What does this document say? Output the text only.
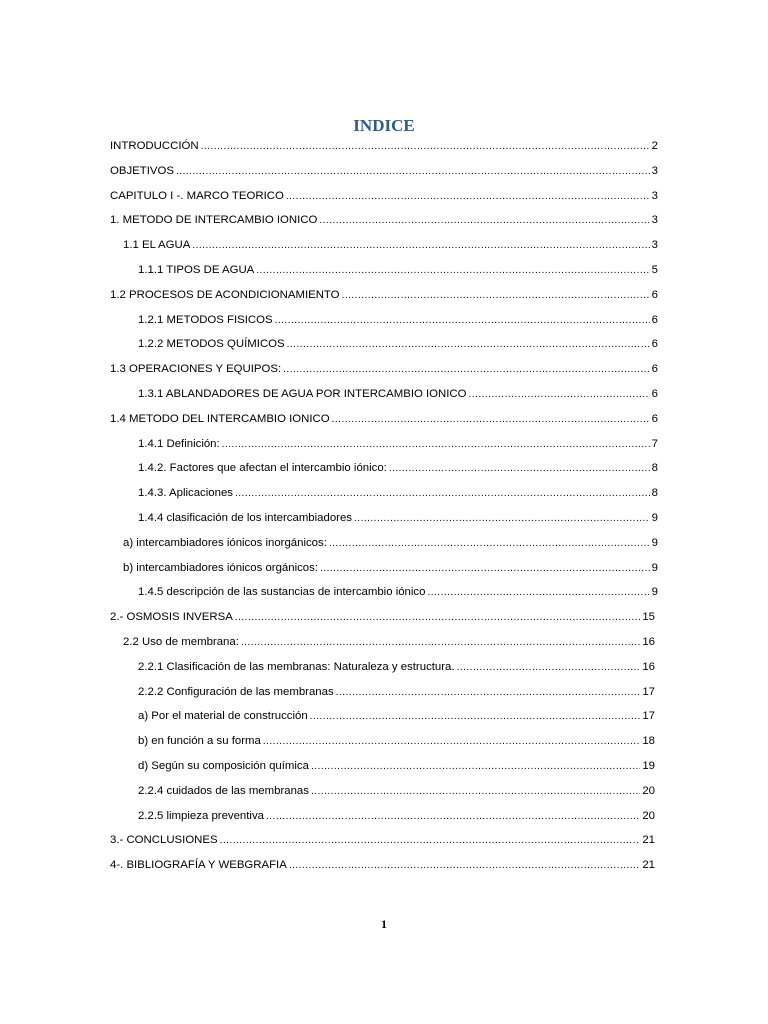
INDICE
INTRODUCCIÓN .....	2
OBJETIVOS .....	3
CAPITULO I -. MARCO TEORICO .....	3
1. METODO DE INTERCAMBIO IONICO .....	3
1.1 EL AGUA .....	3
1.1.1 TIPOS DE AGUA .....	5
1.2 PROCESOS DE ACONDICIONAMIENTO .....	6
1.2.1 METODOS FISICOS .....	6
1.2.2 METODOS QUÍMICOS .....	6
1.3 OPERACIONES Y EQUIPOS: .....	6
1.3.1 ABLANDADORES DE AGUA POR INTERCAMBIO IONICO .....	6
1.4 METODO DEL INTERCAMBIO IONICO .....	6
1.4.1 Definición: .....	7
1.4.2. Factores que afectan el intercambio iónico: .....	8
1.4.3. Aplicaciones .....	8
1.4.4 clasificación de los intercambiadores .....	9
a) intercambiadores iónicos inorgánicos: .....	9
b) intercambiadores iónicos orgánicos: .....	9
1.4.5 descripción de las sustancias de intercambio iónico .....	9
2.- OSMOSIS INVERSA .....	15
2.2 Uso de membrana: .....	16
2.2.1 Clasificación de las membranas: Naturaleza y estructura. .....	16
2.2.2 Configuración de las membranas .....	17
a) Por el material de construcción .....	17
b) en función a su forma .....	18
d) Según su composición química .....	19
2.2.4 cuidados de las membranas .....	20
2.2.5 limpieza preventiva .....	20
3.- CONCLUSIONES .....	21
4-. BIBLIOGRAFÍA Y WEBGRAFIA .....	21
1
